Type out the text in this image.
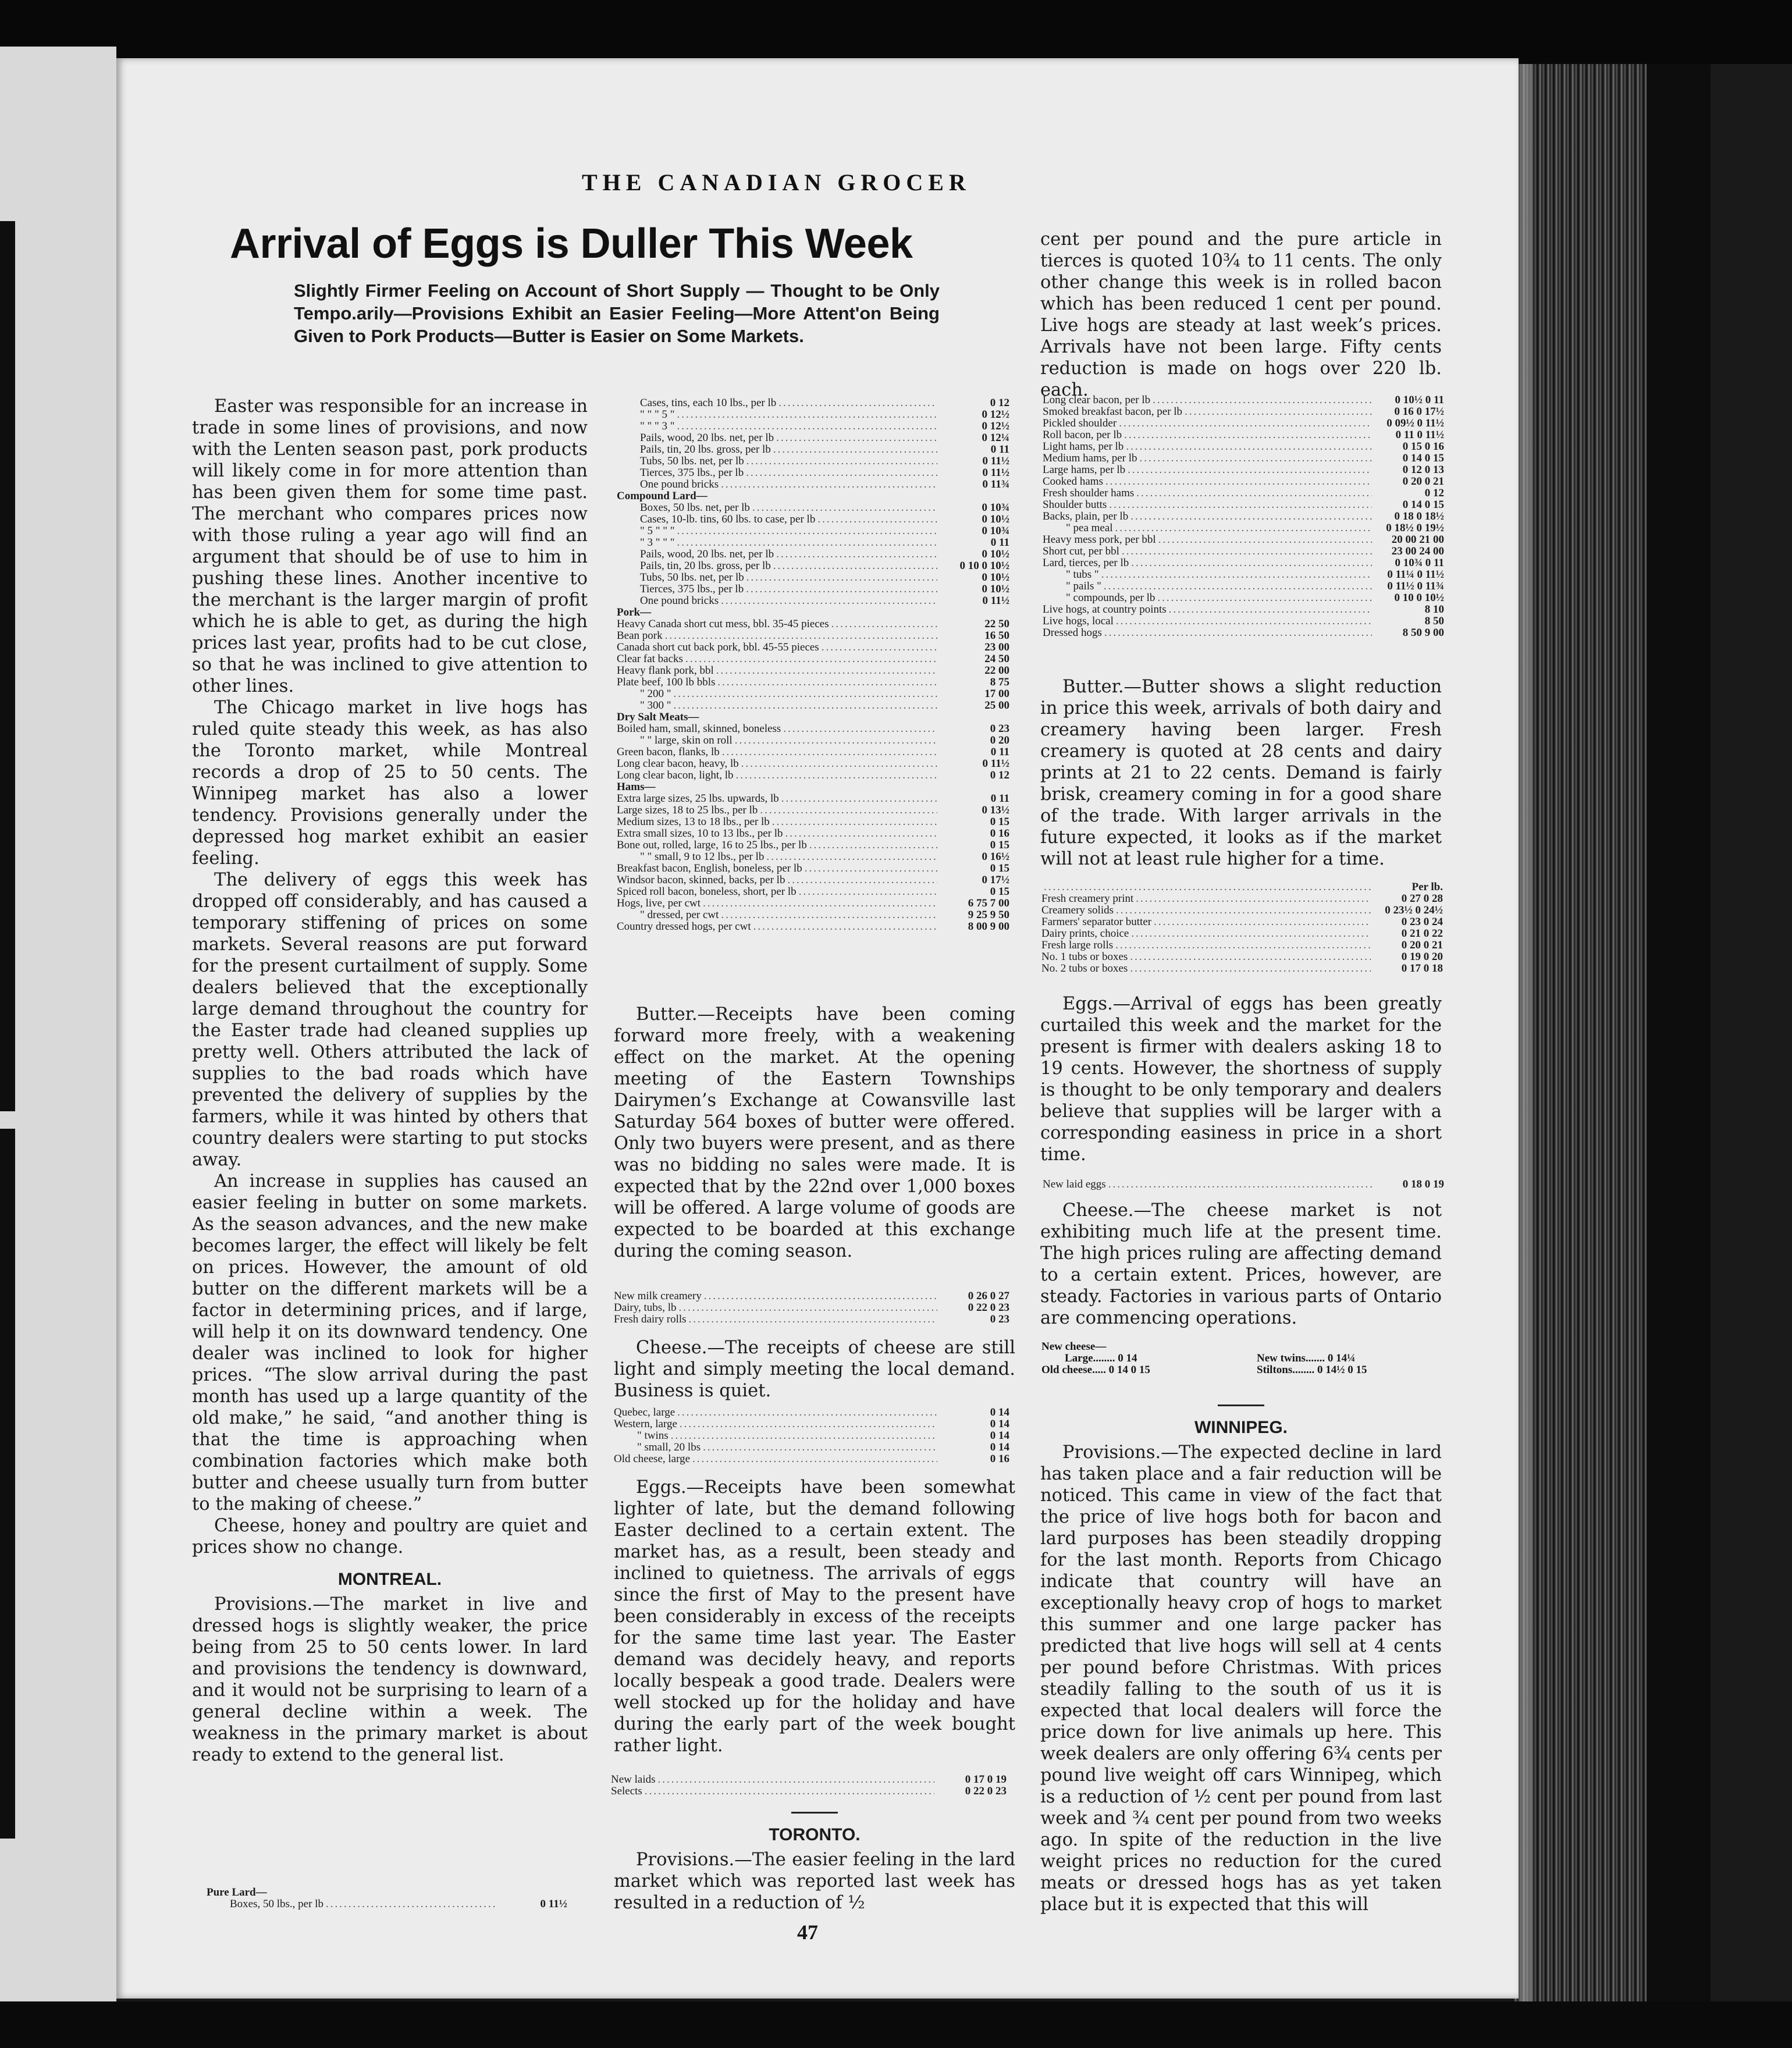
THE CANADIAN GROCER
Arrival of Eggs is Duller This Week
Slightly Firmer Feeling on Account of Short Supply — Thought to be Only Tempo.arily—Provisions Exhibit an Easier Feeling—More Attent'on Being Given to Pork Products—Butter is Easier on Some Markets.

Easter was responsible for an increase in trade in some lines of provisions, and now with the Lenten season past, pork products will likely come in for more attention than has been given them for some time past. The merchant who compares prices now with those ruling a year ago will find an argument that should be of use to him in pushing these lines. Another incentive to the merchant is the larger margin of profit which he is able to get, as during the high prices last year, profits had to be cut close, so that he was inclined to give attention to other lines.

The Chicago market in live hogs has ruled quite steady this week, as has also the Toronto market, while Montreal records a drop of 25 to 50 cents. The Winnipeg market has also a lower tendency. Provisions generally under the depressed hog market exhibit an easier feeling.

The delivery of eggs this week has dropped off considerably, and has caused a temporary stiffening of prices on some markets. Several reasons are put forward for the present curtailment of supply. Some dealers believed that the exceptionally large demand throughout the country for the Easter trade had cleaned supplies up pretty well. Others attributed the lack of supplies to the bad roads which have prevented the delivery of supplies by the farmers, while it was hinted by others that country dealers were starting to put stocks away.

An increase in supplies has caused an easier feeling in butter on some markets. As the season advances, and the new make becomes larger, the effect will likely be felt on prices. However, the amount of old butter on the different markets will be a factor in determining prices, and if large, will help it on its downward tendency. One dealer was inclined to look for higher prices. “The slow arrival during the past month has used up a large quantity of the old make,” he said, “and another thing is that the time is approaching when combination factories which make both butter and cheese usually turn from butter to the making of cheese.”

Cheese, honey and poultry are quiet and prices show no change.

MONTREAL.

Provisions.—The market in live and dressed hogs is slightly weaker, the price being from 25 to 50 cents lower. In lard and provisions the tendency is downward, and it would not be surprising to learn of a general decline within a week. The weakness in the primary market is about ready to extend to the general list.

Pure Lard—
Boxes, 50 lbs., per lb .....	0 11½
Cases, tins, each 10 lbs., per lb .....	0 12
" " " 5 " .....	0 12½
" " " 3 " .....	0 12½
Pails, wood, 20 lbs. net, per lb .....	0 12¼
Pails, tin, 20 lbs. gross, per lb .....	0 11
Tubs, 50 lbs. net, per lb .....	0 11½
Tierces, 375 lbs., per lb .....	0 11½
One pound bricks .....	0 11¾
Compound Lard—
Boxes, 50 lbs. net, per lb .....	0 10¾
Cases, 10-lb. tins, 60 lbs. to case, per lb .....	0 10½
" 5 " " " .....	0 10¾
" 3 " " " .....	0 11
Pails, wood, 20 lbs. net, per lb .....	0 10½
Pails, tin, 20 lbs. gross, per lb .....	0 10 0 10½
Tubs, 50 lbs. net, per lb .....	0 10½
Tierces, 375 lbs., per lb .....	0 10½
One pound bricks .....	0 11½
Pork—
Heavy Canada short cut mess, bbl. 35-45 pieces .....	22 50
Bean pork .....	16 50
Canada short cut back pork, bbl. 45-55 pieces .....	23 00
Clear fat backs .....	24 50
Heavy flank pork, bbl .....	22 00
Plate beef, 100 lb bbls .....	8 75
" 200 " .....	17 00
" 300 " .....	25 00
Dry Salt Meats—
Boiled ham, small, skinned, boneless .....	0 23
" " large, skin on roll .....	0 20
Green bacon, flanks, lb .....	0 11
Long clear bacon, heavy, lb .....	0 11½
Long clear bacon, light, lb .....	0 12
Hams—
Extra large sizes, 25 lbs. upwards, lb .....	0 11
Large sizes, 18 to 25 lbs., per lb .....	0 13½
Medium sizes, 13 to 18 lbs., per lb .....	0 15
Extra small sizes, 10 to 13 lbs., per lb .....	0 16
Bone out, rolled, large, 16 to 25 lbs., per lb .....	0 15
" " small, 9 to 12 lbs., per lb .....	0 16½
Breakfast bacon, English, boneless, per lb .....	0 15
Windsor bacon, skinned, backs, per lb .....	0 17½
Spiced roll bacon, boneless, short, per lb .....	0 15
Hogs, live, per cwt .....	6 75 7 00
" dressed, per cwt .....	9 25 9 50
Country dressed hogs, per cwt .....	8 00 9 00

Butter.—Receipts have been coming forward more freely, with a weakening effect on the market. At the opening meeting of the Eastern Townships Dairymen’s Exchange at Cowansville last Saturday 564 boxes of butter were offered. Only two buyers were present, and as there was no bidding no sales were made. It is expected that by the 22nd over 1,000 boxes will be offered. A large volume of goods are expected to be boarded at this exchange during the coming season.

New milk creamery .....	0 26 0 27
Dairy, tubs, lb .....	0 22 0 23
Fresh dairy rolls .....	0 23

Cheese.—The receipts of cheese are still light and simply meeting the local demand. Business is quiet.

Quebec, large .....	0 14
Western, large .....	0 14
" twins .....	0 14
" small, 20 lbs .....	0 14
Old cheese, large .....	0 16

Eggs.—Receipts have been somewhat lighter of late, but the demand following Easter declined to a certain extent. The market has, as a result, been steady and inclined to quietness. The arrivals of eggs since the first of May to the present have been considerably in excess of the receipts for the same time last year. The Easter demand was decidely heavy, and reports locally bespeak a good trade. Dealers were well stocked up for the holiday and have during the early part of the week bought rather light.

New laids .....	0 17 0 19
Selects .....	0 22 0 23
TORONTO.

Provisions.—The easier feeling in the lard market which was reported last week has resulted in a reduction of ½

cent per pound and the pure article in tierces is quoted 10¾ to 11 cents. The only other change this week is in rolled bacon which has been reduced 1 cent per pound. Live hogs are steady at last week’s prices. Arrivals have not been large. Fifty cents reduction is made on hogs over 220 lb. each.
Long clear bacon, per lb .....	0 10½ 0 11
Smoked breakfast bacon, per lb .....	0 16 0 17½
Pickled shoulder .....	0 09½ 0 11½
Roll bacon, per lb .....	0 11 0 11½
Light hams, per lb .....	0 15 0 16
Medium hams, per lb .....	0 14 0 15
Large hams, per lb .....	0 12 0 13
Cooked hams .....	0 20 0 21
Fresh shoulder hams .....	0 12
Shoulder butts .....	0 14 0 15
Backs, plain, per lb .....	0 18 0 18½
" pea meal .....	0 18½ 0 19½
Heavy mess pork, per bbl .....	20 00 21 00
Short cut, per bbl .....	23 00 24 00
Lard, tierces, per lb .....	0 10¾ 0 11
" tubs " .....	0 11¼ 0 11½
" pails " .....	0 11½ 0 11¾
" compounds, per lb .....	0 10 0 10½
Live hogs, at country points .....	8 10
Live hogs, local .....	8 50
Dressed hogs .....	8 50 9 00

Butter.—Butter shows a slight reduction in price this week, arrivals of both dairy and creamery having been larger. Fresh creamery is quoted at 28 cents and dairy prints at 21 to 22 cents. Demand is fairly brisk, creamery coming in for a good share of the trade. With larger arrivals in the future expected, it looks as if the market will not at least rule higher for a time.

.....
Per lb.
Fresh creamery print .....	0 27 0 28
Creamery solids .....	0 23½ 0 24½
Farmers' separator butter .....	0 23 0 24
Dairy prints, choice .....	0 21 0 22
Fresh large rolls .....	0 20 0 21
No. 1 tubs or boxes .....	0 19 0 20
No. 2 tubs or boxes .....	0 17 0 18

Eggs.—Arrival of eggs has been greatly curtailed this week and the market for the present is firmer with dealers asking 18 to 19 cents. However, the shortness of supply is thought to be only temporary and dealers believe that supplies will be larger with a corresponding easiness in price in a short time.

New laid eggs .....	0 18 0 19

Cheese.—The cheese market is not exhibiting much life at the present time. The high prices ruling are affecting demand to a certain extent. Prices, however, are steady. Factories in various parts of Ontario are commencing operations.

New cheese—
Large........ 0 14
Old cheese..... 0 14 0 15
New twins....... 0 14¼
Stiltons........ 0 14½ 0 15
WINNIPEG.

Provisions.—The expected decline in lard has taken place and a fair reduction will be noticed. This came in view of the fact that the price of live hogs both for bacon and lard purposes has been steadily dropping for the last month. Reports from Chicago indicate that country will have an exceptionally heavy crop of hogs to market this summer and one large packer has predicted that live hogs will sell at 4 cents per pound before Christmas. With prices steadily falling to the south of us it is expected that local dealers will force the price down for live animals up here. This week dealers are only offering 6¾ cents per pound live weight off cars Winnipeg, which is a reduction of ½ cent per pound from last week and ¾ cent per pound from two weeks ago. In spite of the reduction in the live weight prices no reduction for the cured meats or dressed hogs has as yet taken place but it is expected that this will

47
